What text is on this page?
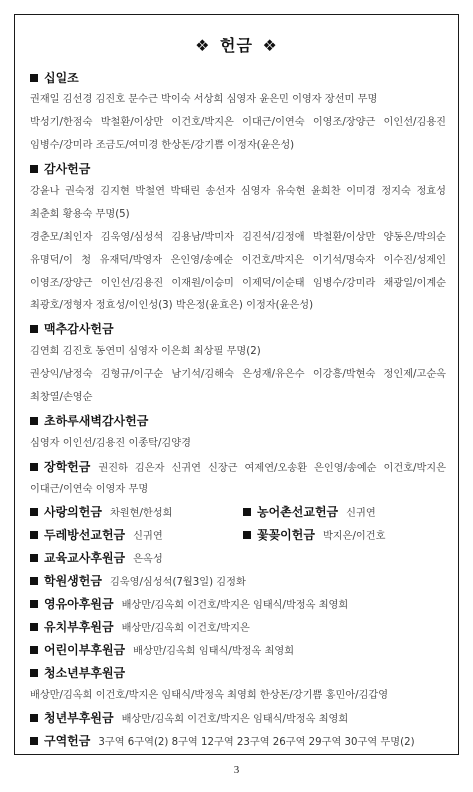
❖ 헌금 ❖
십일조
권재일 김선경 김진호 문수근 박이숙 서상희 심영자 윤은민 이영자 장선미 무명
박성기/한점숙 박철환/이상만 이건호/박지은 이대근/이연숙 이영조/장양근 이인선/김용진
임병수/강미라 조금도/여미경 한상돈/강기쁨 이정자(윤은성)
감사헌금
강윤나 권숙정 김지현 박철연 박태린 송선자 심영자 유숙현 윤희찬 이미경 정지숙 정효성
최춘희 황용숙 무명(5)
경춘모/최인자 김욱영/심성석 김용남/박미자 김진석/김정애 박철환/이상만 양동은/박의순
유명덕/이 청 유재덕/박영자 은인영/송예순 이건호/박지은 이기석/명숙자 이수진/성제인
이영조/장양근 이인선/김용진 이재원/이승미 이제덕/이순태 임병수/강미라 채광일/이계순
최광호/정형자 정효성/이인성(3) 박은정(윤효은) 이정자(윤은성)
맥추감사헌금
김연희 김진호 동연미 심영자 이은희 최상필 무명(2)
권상익/남정숙 김형규/이구순 남기석/김해숙 은성재/유은수 이강흥/박현숙 정인제/고순옥
최창열/손영순
초하루새벽감사헌금
심영자 이인선/김용진 이종탁/김양경
장학헌금 권진하 김은자 신귀연 신장근 여제연/오송환 은인영/송예순 이건호/박지은
이대근/이연숙 이영자 무명
사랑의헌금 차원현/한성희	농어촌선교헌금 신귀연
두레방선교헌금 신귀연	꽃꽂이헌금 박지은/이건호
교육교사후원금 은옥성
학원생헌금 김욱영/심성석(7월3일) 김정화
영유아후원금 배상만/김옥희 이건호/박지은 임태식/박정옥 최영희
유치부후원금 배상만/김옥희 이건호/박지은
어린이부후원금 배상만/김옥희 임태식/박정옥 최영희
청소년부후원금
배상만/김옥희 이건호/박지은 임태식/박정옥 최영희 한상돈/강기쁨 홍민아/김갑영
청년부후원금 배상만/김옥희 이건호/박지은 임태식/박정옥 최영희
구역헌금 3구역 6구역(2) 8구역 12구역 23구역 26구역 29구역 30구역 무명(2)
3
